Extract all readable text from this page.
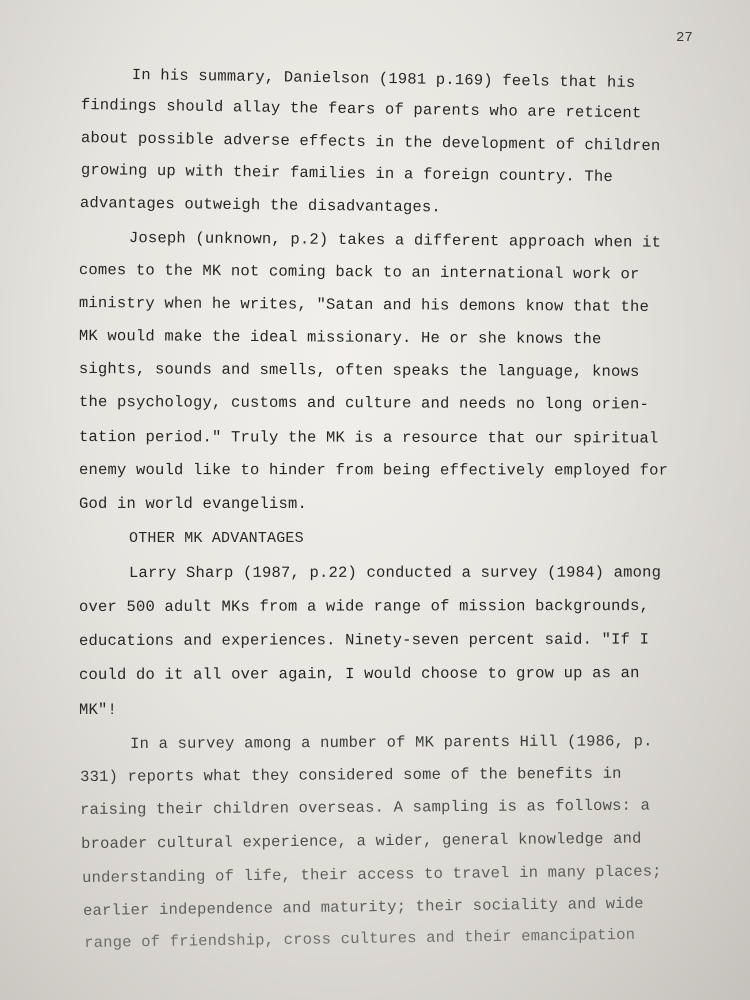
27
In his summary, Danielson (1981 p.169) feels that his
findings should allay the fears of parents who are reticent
about possible adverse effects in the development of children
growing up with their families in a foreign country. The
advantages outweigh the disadvantages.
Joseph (unknown, p.2) takes a different approach when it
comes to the MK not coming back to an international work or
ministry when he writes, "Satan and his demons know that the
MK would make the ideal missionary. He or she knows the
sights, sounds and smells, often speaks the language, knows
the psychology, customs and culture and needs no long orien-
tation period." Truly the MK is a resource that our spiritual
enemy would like to hinder from being effectively employed for
God in world evangelism.
OTHER MK ADVANTAGES
Larry Sharp (1987, p.22) conducted a survey (1984) among
over 500 adult MKs from a wide range of mission backgrounds,
educations and experiences. Ninety-seven percent said. "If I
could do it all over again, I would choose to grow up as an
MK"!
In a survey among a number of MK parents Hill (1986, p.
331) reports what they considered some of the benefits in
raising their children overseas. A sampling is as follows: a
broader cultural experience, a wider, general knowledge and
understanding of life, their access to travel in many places;
earlier independence and maturity; their sociality and wide
range of friendship, cross cultures and their emancipation
